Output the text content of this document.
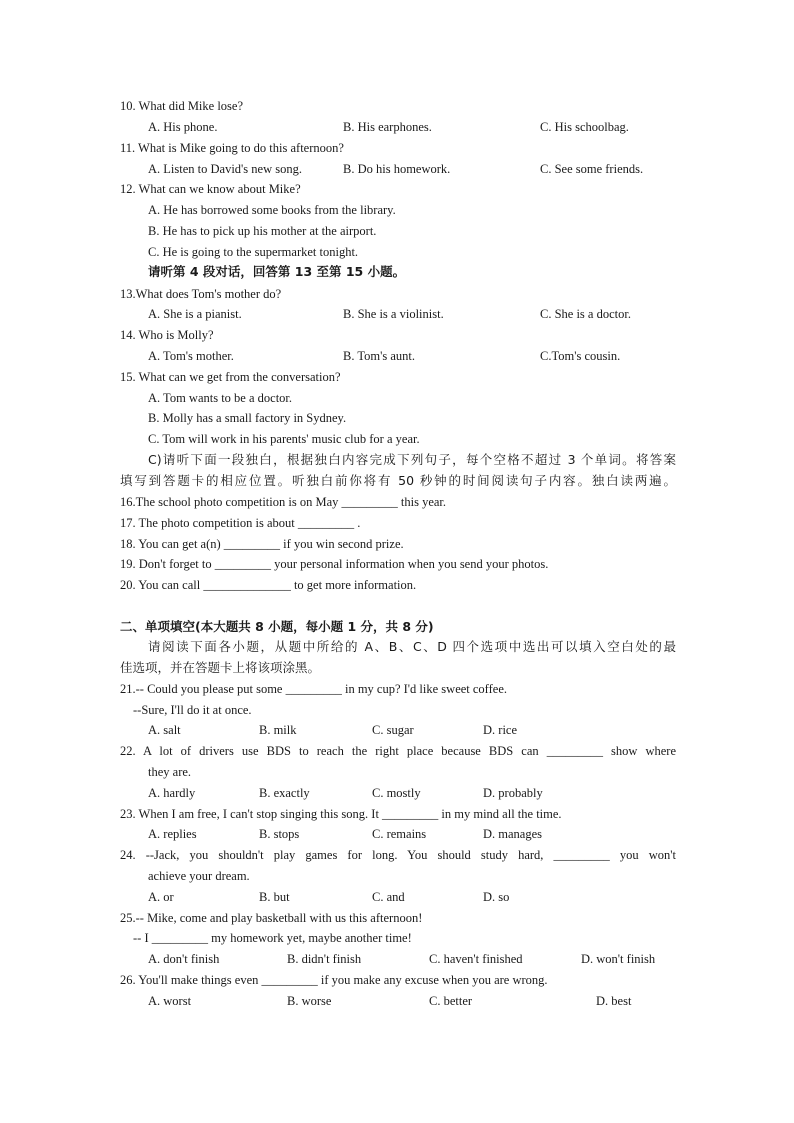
10. What did Mike lose?
A. His phone.	B. His earphones.	C. His schoolbag.
11. What is Mike going to do this afternoon?
A. Listen to David's new song.	B. Do his homework.	C. See some friends.
12. What can we know about Mike?
A. He has borrowed some books from the library.
B. He has to pick up his mother at the airport.
C. He is going to the supermarket tonight.
请听第 4 段对话，回答第 13 至第 15 小题。
13.What does Tom's mother do?
A. She is a pianist.	B. She is a violinist.	C. She is a doctor.
14. Who is Molly?
A. Tom's mother.	B. Tom's aunt.	C.Tom's cousin.
15. What can we get from the conversation?
A. Tom wants to be a doctor.
B. Molly has a small factory in Sydney.
C. Tom will work in his parents' music club for a year.
C)请听下面一段独白，根据独白内容完成下列句子，每个空格不超过 3 个单词。将答案
填写到答题卡的相应位置。听独白前你将有 50 秒钟的时间阅读句子内容。独白读两遍。
16.The school photo competition is on May _________ this year.
17. The photo competition is about _________ .
18. You can get a(n) _________ if you win second prize.
19. Don't forget to _________ your personal information when you send your photos.
20. You can call ______________ to get more information.
二、单项填空(本大题共 8 小题，每小题 1 分，共 8 分)
请阅读下面各小题，从题中所给的 A、B、C、D 四个选项中选出可以填入空白处的最
佳选项，并在答题卡上将该项涂黑。
21.-- Could you please put some _________ in my cup? I'd like sweet coffee.
--Sure, I'll do it at once.
A. salt	B. milk	C. sugar	D. rice
22. A lot of drivers use BDS to reach the right place because BDS can _________ show where
they are.
A. hardly	B. exactly	C. mostly	D. probably
23. When I am free, I can't stop singing this song. It _________ in my mind all the time.
A. replies	B. stops	C. remains	D. manages
24. --Jack, you shouldn't play games for long. You should study hard, _________ you won't
achieve your dream.
A. or	B. but	C. and	D. so
25.-- Mike, come and play basketball with us this afternoon!
-- I _________ my homework yet, maybe another time!
A. don't finish	B. didn't finish	C. haven't finished	D. won't finish
26. You'll make things even _________ if you make any excuse when you are wrong.
A. worst	B. worse	C. better	D. best
